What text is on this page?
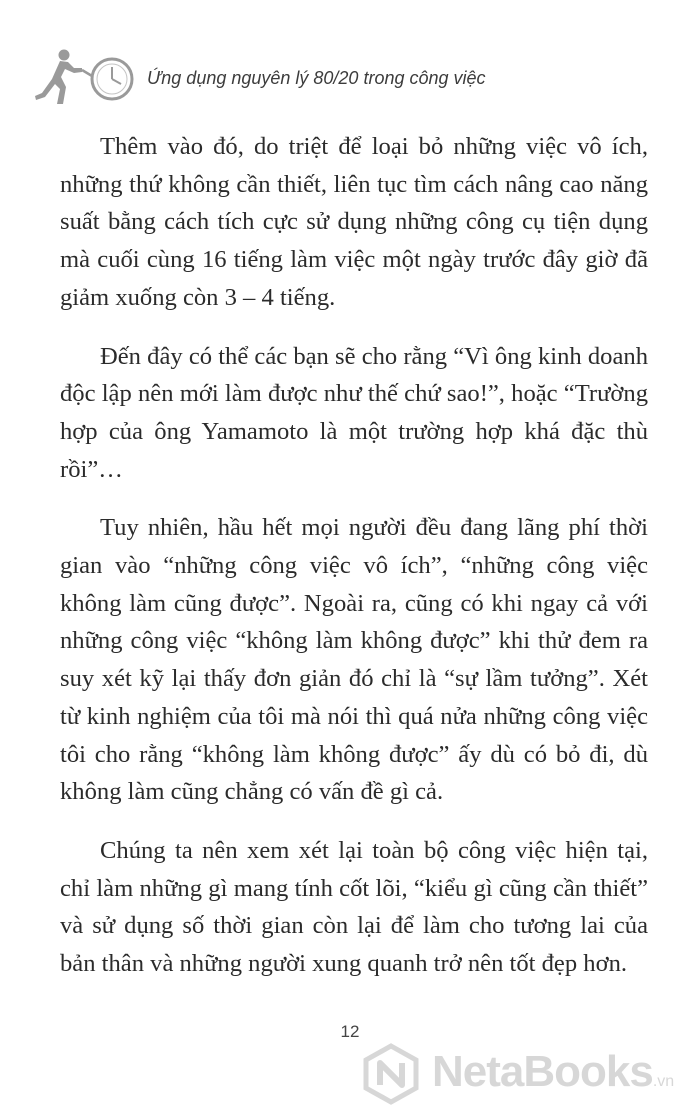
Ứng dụng nguyên lý 80/20 trong công việc

Thêm vào đó, do triệt để loại bỏ những việc vô ích, những thứ không cần thiết, liên tục tìm cách nâng cao năng suất bằng cách tích cực sử dụng những công cụ tiện dụng mà cuối cùng 16 tiếng làm việc một ngày trước đây giờ đã giảm xuống còn 3 – 4 tiếng.

Đến đây có thể các bạn sẽ cho rằng “Vì ông kinh doanh độc lập nên mới làm được như thế chứ sao!”, hoặc “Trường hợp của ông Yamamoto là một trường hợp khá đặc thù rồi”…

Tuy nhiên, hầu hết mọi người đều đang lãng phí thời gian vào “những công việc vô ích”, “những công việc không làm cũng được”. Ngoài ra, cũng có khi ngay cả với những công việc “không làm không được” khi thử đem ra suy xét kỹ lại thấy đơn giản đó chỉ là “sự lầm tưởng”. Xét từ kinh nghiệm của tôi mà nói thì quá nửa những công việc tôi cho rằng “không làm không được” ấy dù có bỏ đi, dù không làm cũng chẳng có vấn đề gì cả.

Chúng ta nên xem xét lại toàn bộ công việc hiện tại, chỉ làm những gì mang tính cốt lõi, “kiểu gì cũng cần thiết” và sử dụng số thời gian còn lại để làm cho tương lai của bản thân và những người xung quanh trở nên tốt đẹp hơn.

12
NetaBooks.vn
